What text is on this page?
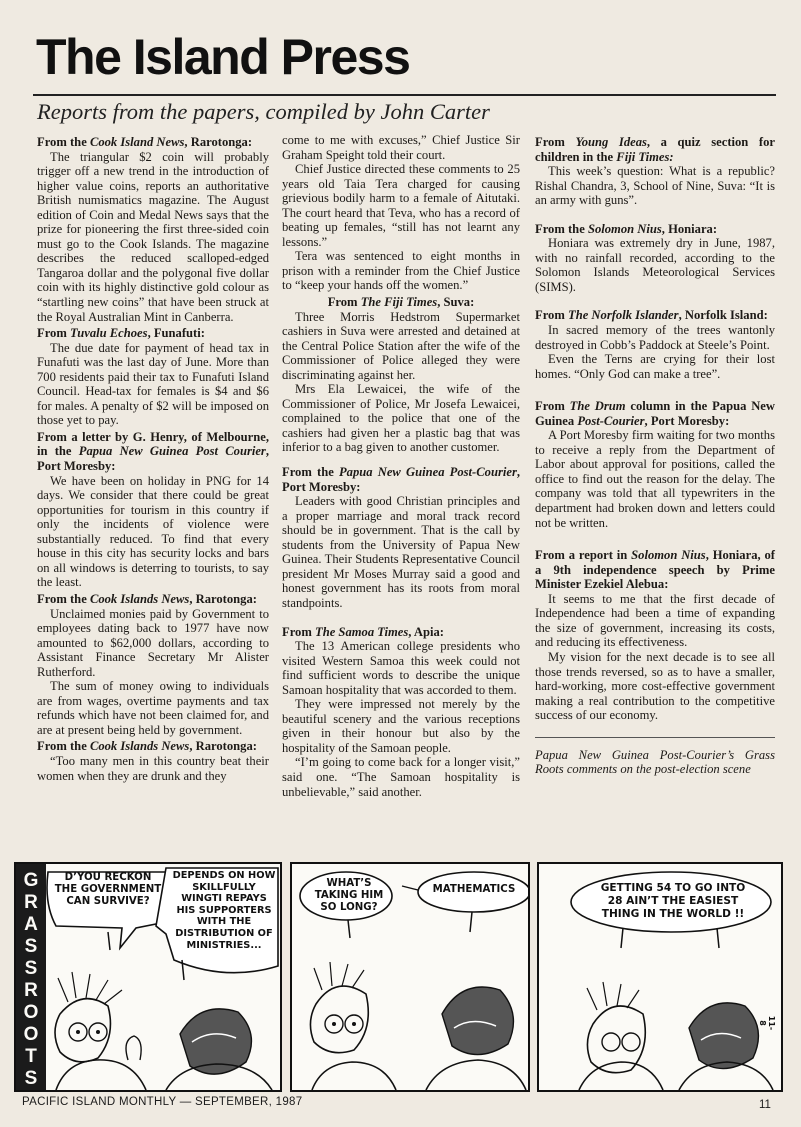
The Island Press
Reports from the papers, compiled by John Carter

From the Cook Island News, Rarotonga:

The triangular $2 coin will probably trigger off a new trend in the introduction of higher value coins, reports an authoritative British numismatics magazine. The August edition of Coin and Medal News says that the prize for pioneering the first three-sided coin must go to the Cook Islands. The magazine describes the reduced scalloped-edged Tangaroa dollar and the polygonal five dollar coin with its highly distinctive gold colour as “startling new coins” that have been struck at the Royal Australian Mint in Canberra.

From Tuvalu Echoes, Funafuti:

The due date for payment of head tax in Funafuti was the last day of June. More than 700 residents paid their tax to Funafuti Island Council. Head-tax for females is $4 and $6 for males. A penalty of $2 will be imposed on those yet to pay.

From a letter by G. Henry, of Melbourne, in the Papua New Guinea Post Courier, Port Moresby:

We have been on holiday in PNG for 14 days. We consider that there could be great opportunities for tourism in this country if only the incidents of violence were substantially reduced. To find that every house in this city has security locks and bars on all windows is deterring to tourists, to say the least.

From the Cook Islands News, Rarotonga:

Unclaimed monies paid by Government to employees dating back to 1977 have now amounted to $62,000 dollars, according to Assistant Finance Secretary Mr Alister Rutherford.

The sum of money owing to individuals are from wages, overtime payments and tax refunds which have not been claimed for, and are at present being held by government.

From the Cook Islands News, Rarotonga:

“Too many men in this country beat their women when they are drunk and they

come to me with excuses,” Chief Justice Sir Graham Speight told their court.

Chief Justice directed these comments to 25 years old Taia Tera charged for causing grievious bodily harm to a female of Aitutaki. The court heard that Teva, who has a record of beating up females, “still has not learnt any lessons.”

Tera was sentenced to eight months in prison with a reminder from the Chief Justice to “keep your hands off the women.”

From The Fiji Times, Suva:

Three Morris Hedstrom Supermarket cashiers in Suva were arrested and detained at the Central Police Station after the wife of the Commissioner of Police alleged they were discriminating against her.

Mrs Ela Lewaicei, the wife of the Commissioner of Police, Mr Josefa Lewaicei, complained to the police that one of the cashiers had given her a plastic bag that was inferior to a bag given to another customer.

From the Papua New Guinea Post-Courier, Port Moresby:

Leaders with good Christian principles and a proper marriage and moral track record should be in government. That is the call by students from the University of Papua New Guinea. Their Students Representative Council president Mr Moses Murray said a good and honest government has its roots from moral standpoints.

From The Samoa Times, Apia:

The 13 American college presidents who visited Western Samoa this week could not find sufficient words to describe the unique Samoan hospitality that was accorded to them.

They were impressed not merely by the beautiful scenery and the various receptions given in their honour but also by the hospitality of the Samoan people.

“I’m going to come back for a longer visit,” said one. “The Samoan hospitality is unbelievable,” said another.

From Young Ideas, a quiz section for children in the Fiji Times:

This week’s question: What is a republic? Rishal Chandra, 3, School of Nine, Suva: “It is an army with guns”.

From the Solomon Nius, Honiara:

Honiara was extremely dry in June, 1987, with no rainfall recorded, according to the Solomon Islands Meteorological Services (SIMS).

From The Norfolk Islander, Norfolk Island:

In sacred memory of the trees wantonly destroyed in Cobb’s Paddock at Steele’s Point.

Even the Terns are crying for their lost homes. “Only God can make a tree”.

From The Drum column in the Papua New Guinea Post-Courier, Port Moresby:

A Port Moresby firm waiting for two months to receive a reply from the Department of Labor about approval for positions, called the office to find out the reason for the delay. The company was told that all typewriters in the department had broken down and letters could not be written.

From a report in Solomon Nius, Honiara, of a 9th independence speech by Prime Minister Ezekiel Alebua:

It seems to me that the first decade of Independence had been a time of expanding the size of government, increasing its costs, and reducing its effectiveness.

My vision for the next decade is to see all those trends reversed, so as to have a smaller, hard-working, more cost-effective government making a real contribution to the competitive success of our economy.

Papua New Guinea Post-Courier’s Grass Roots comments on the post-election scene

G
R
A
S
S
R
O
O
T
S
D’YOU RECKON THE GOVERNMENT CAN SURVIVE?
DEPENDS ON HOW SKILLFULLY WINGTI REPAYS HIS SUPPORTERS WITH THE DISTRIBUTION OF MINISTRIES...
WHAT’S TAKING HIM SO LONG?
MATHEMATICS	GETTING 54 TO GO INTO 28 AIN’T THE EASIEST THING IN THE WORLD !!
11-8
PACIFIC ISLAND MONTHLY — SEPTEMBER, 1987	11
